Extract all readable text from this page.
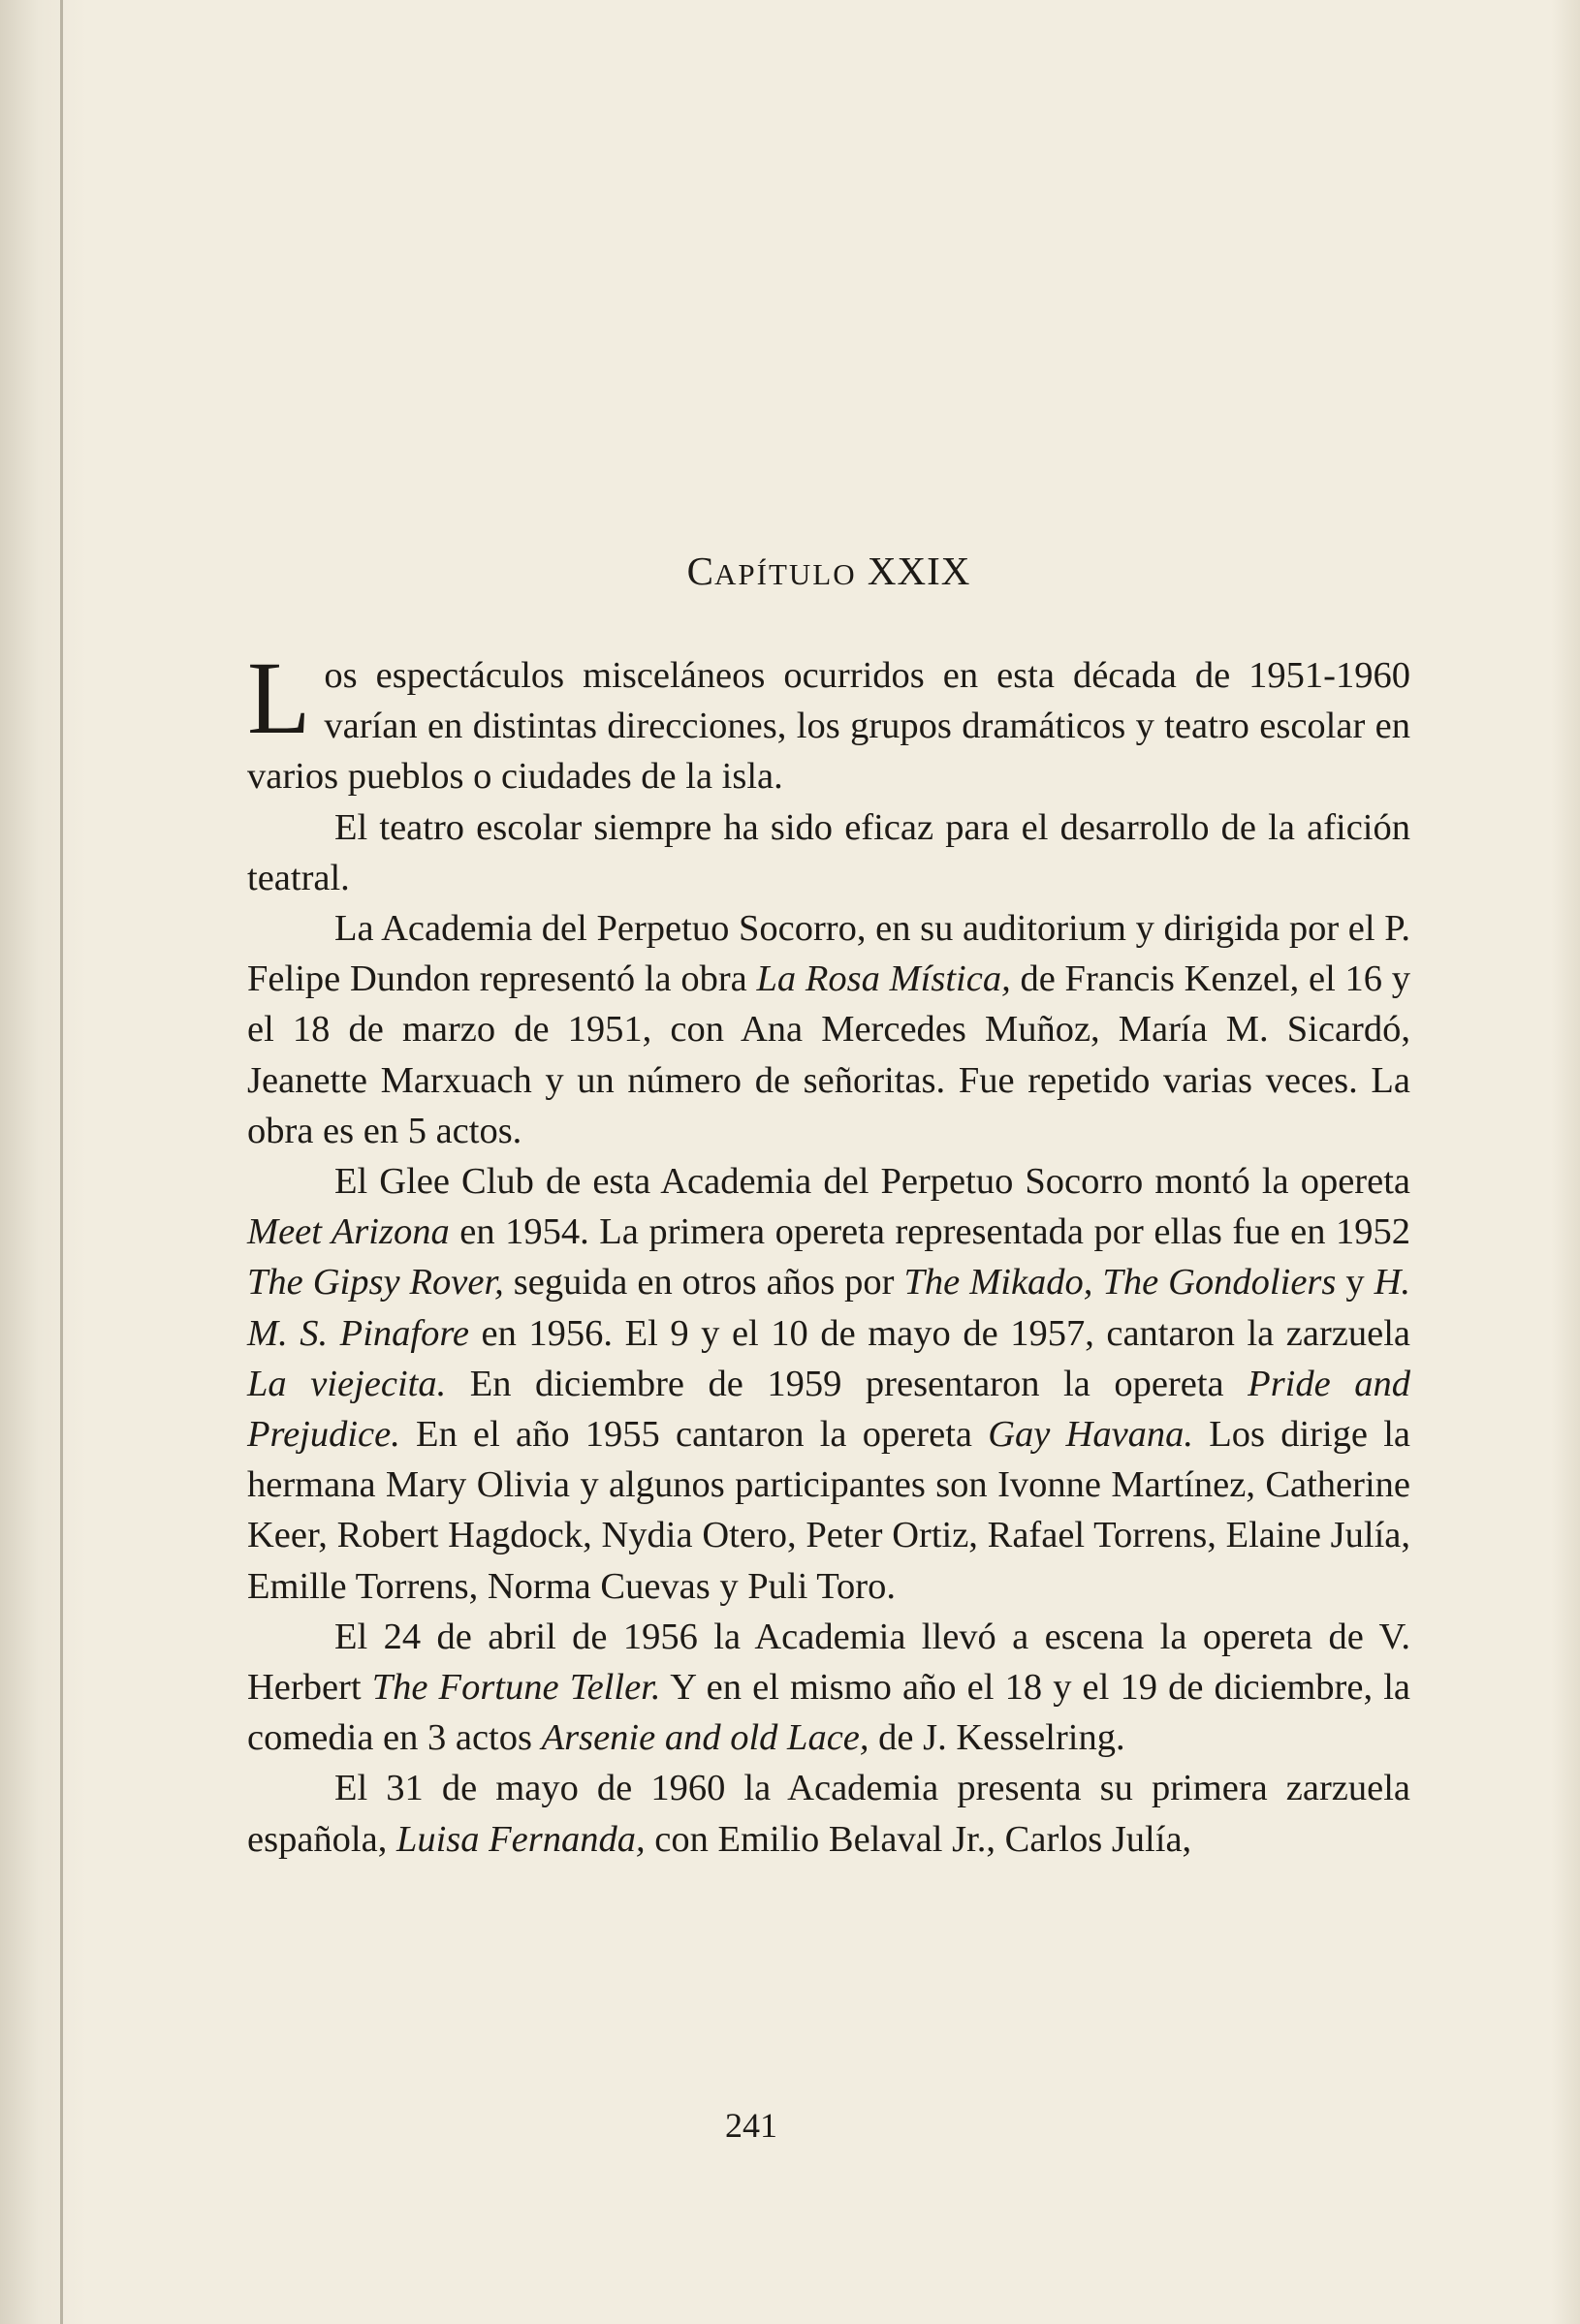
CAPÍTULO XXIX

Los espectáculos misceláneos ocurridos en esta década de 1951-1960 varían en distintas direcciones, los grupos dramáticos y teatro escolar en varios pueblos o ciudades de la isla.

El teatro escolar siempre ha sido eficaz para el desarrollo de la afición teatral.

La Academia del Perpetuo Socorro, en su auditorium y dirigida por el P. Felipe Dundon representó la obra La Rosa Mística, de Francis Kenzel, el 16 y el 18 de marzo de 1951, con Ana Mercedes Muñoz, María M. Sicardó, Jeanette Marxuach y un número de señoritas. Fue repetido varias veces. La obra es en 5 actos.

El Glee Club de esta Academia del Perpetuo Socorro montó la opereta Meet Arizona en 1954. La primera opereta representada por ellas fue en 1952 The Gipsy Rover, seguida en otros años por The Mikado, The Gondoliers y H. M. S. Pinafore en 1956. El 9 y el 10 de mayo de 1957, cantaron la zarzuela La viejecita. En diciembre de 1959 presentaron la opereta Pride and Prejudice. En el año 1955 cantaron la opereta Gay Havana. Los dirige la hermana Mary Olivia y algunos participantes son Ivonne Martínez, Catherine Keer, Robert Hagdock, Nydia Otero, Peter Ortiz, Rafael Torrens, Elaine Julía, Emille Torrens, Norma Cuevas y Puli Toro.

El 24 de abril de 1956 la Academia llevó a escena la opereta de V. Herbert The Fortune Teller. Y en el mismo año el 18 y el 19 de diciembre, la comedia en 3 actos Arsenie and old Lace, de J. Kesselring.

El 31 de mayo de 1960 la Academia presenta su primera zarzuela española, Luisa Fernanda, con Emilio Belaval Jr., Carlos Julía,

241
